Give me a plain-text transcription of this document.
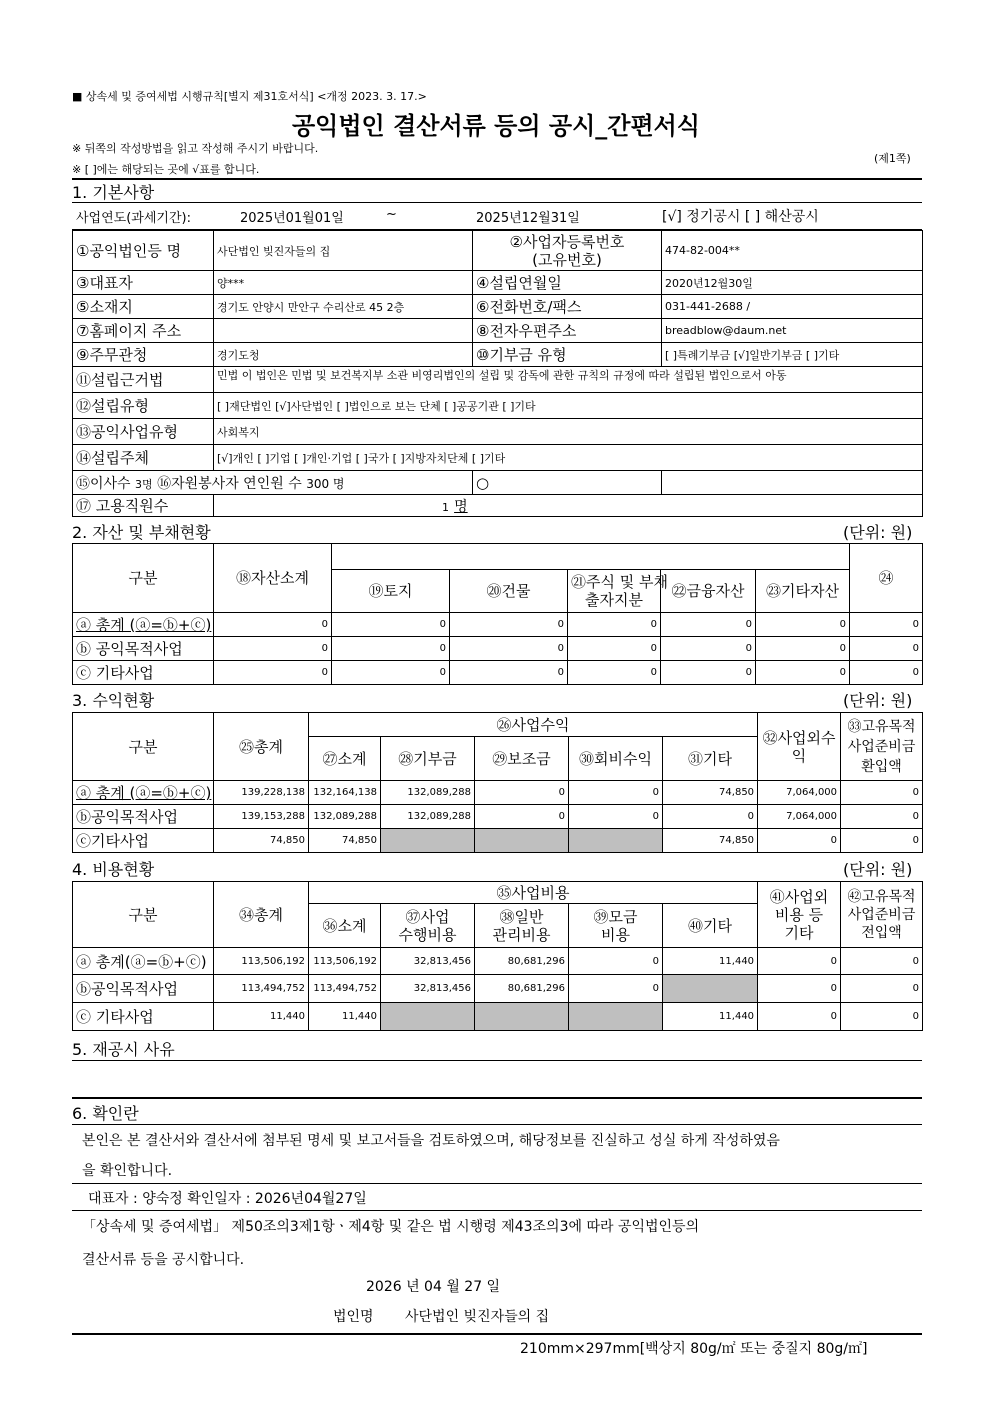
■ 상속세 및 증여세법 시행규칙[별지 제31호서식] <개정 2023. 3. 17.>
공익법인 결산서류 등의 공시_간편서식
※ 뒤쪽의 작성방법을 읽고 작성해 주시기 바랍니다.
※ [ ]에는 해당되는 곳에 √표를 합니다.
(제1쪽)
1. 기본사항
사업연도(과세기간):	2025년01월01일	~	2025년12월31일	[√] 정기공시 [ ] 해산공시
①공익법인등 명	사단법인 빚진자들의 집	②사업자등록번호
(고유번호)	474-82-004**
③대표자	양***	④설립연월일	2020년12월30일
⑤소재지	경기도 안양시 만안구 수리산로 45 2층	⑥전화번호/팩스	031-441-2688 /
⑦홈페이지 주소		⑧전자우편주소	breadblow@daum.net
⑨주무관청	경기도청	⑩기부금 유형	[ ]특례기부금 [√]일반기부금 [ ]기타
⑪설립근거법	민법 이 법인은 민법 및 보건복지부 소관 비영리법인의 설립 및 감독에 관한 규칙의 규정에 따라 설립된 법인으로서 아동		
⑫설립유형	[ ]재단법인 [√]사단법인 [ ]법인으로 보는 단체 [ ]공공기관 [ ]기타		
⑬공익사업유형	사회복지		
⑭설립주체	[√]개인 [ ]기업 [ ]개인·기업 [ ]국가 [ ]지방자치단체 [ ]기타		
⑮이사수 3명 ⑯자원봉사자 연인원 수 300 명		○	
⑰ 고용직원수	1 명		
2. 자산 및 부채현황	(단위: 원)
구분	⑱자산소계						㉔
		⑲토지	⑳건물	㉑주식 및 부채
출자지분	㉒금융자산	㉓기타자산	
ⓐ 총계 (ⓐ=ⓑ+ⓒ)	0	0	0	0	0	0	0
ⓑ 공익목적사업	0	0	0	0	0	0	0
ⓒ 기타사업	0	0	0	0	0	0	0
3. 수익현황	(단위: 원)
구분	㉕총계	㉖사업수익					㉜사업외수
익	㉝고유목적
사업준비금
환입액
		㉗소계	㉘기부금	㉙보조금	㉚회비수익	㉛기타		
ⓐ 총계 (ⓐ=ⓑ+ⓒ)	139,228,138	132,164,138	132,089,288	0	0	74,850	7,064,000	0
ⓑ공익목적사업	139,153,288	132,089,288	132,089,288	0	0	0	7,064,000	0
ⓒ기타사업	74,850	74,850				74,850	0	0
4. 비용현황	(단위: 원)
구분	㉞총계	㉟사업비용					㊶사업외
비용 등
기타	㊷고유목적
사업준비금
전입액
		㊱소계	㊲사업
수행비용	㊳일반
관리비용	㊴모금
비용	㊵기타		
ⓐ 총계(ⓐ=ⓑ+ⓒ)	113,506,192	113,506,192	32,813,456	80,681,296	0	11,440	0	0
ⓑ공익목적사업	113,494,752	113,494,752	32,813,456	80,681,296	0		0	0
ⓒ 기타사업	11,440	11,440				11,440	0	0
5. 재공시 사유
6. 확인란
본인은 본 결산서와 결산서에 첨부된 명세 및 보고서들을 검토하였으며, 해당정보를 진실하고 성실 하게 작성하였음
을 확인합니다.
대표자 : 양숙정 확인일자 : 2026년04월27일
「상속세 및 증여세법」 제50조의3제1항ㆍ제4항 및 같은 법 시행령 제43조의3에 따라 공익법인등의
결산서류 등을 공시합니다.
2026 년 04 월 27 일
법인명 사단법인 빚진자들의 집
210mm×297mm[백상지 80g/㎡ 또는 중질지 80g/㎡]
